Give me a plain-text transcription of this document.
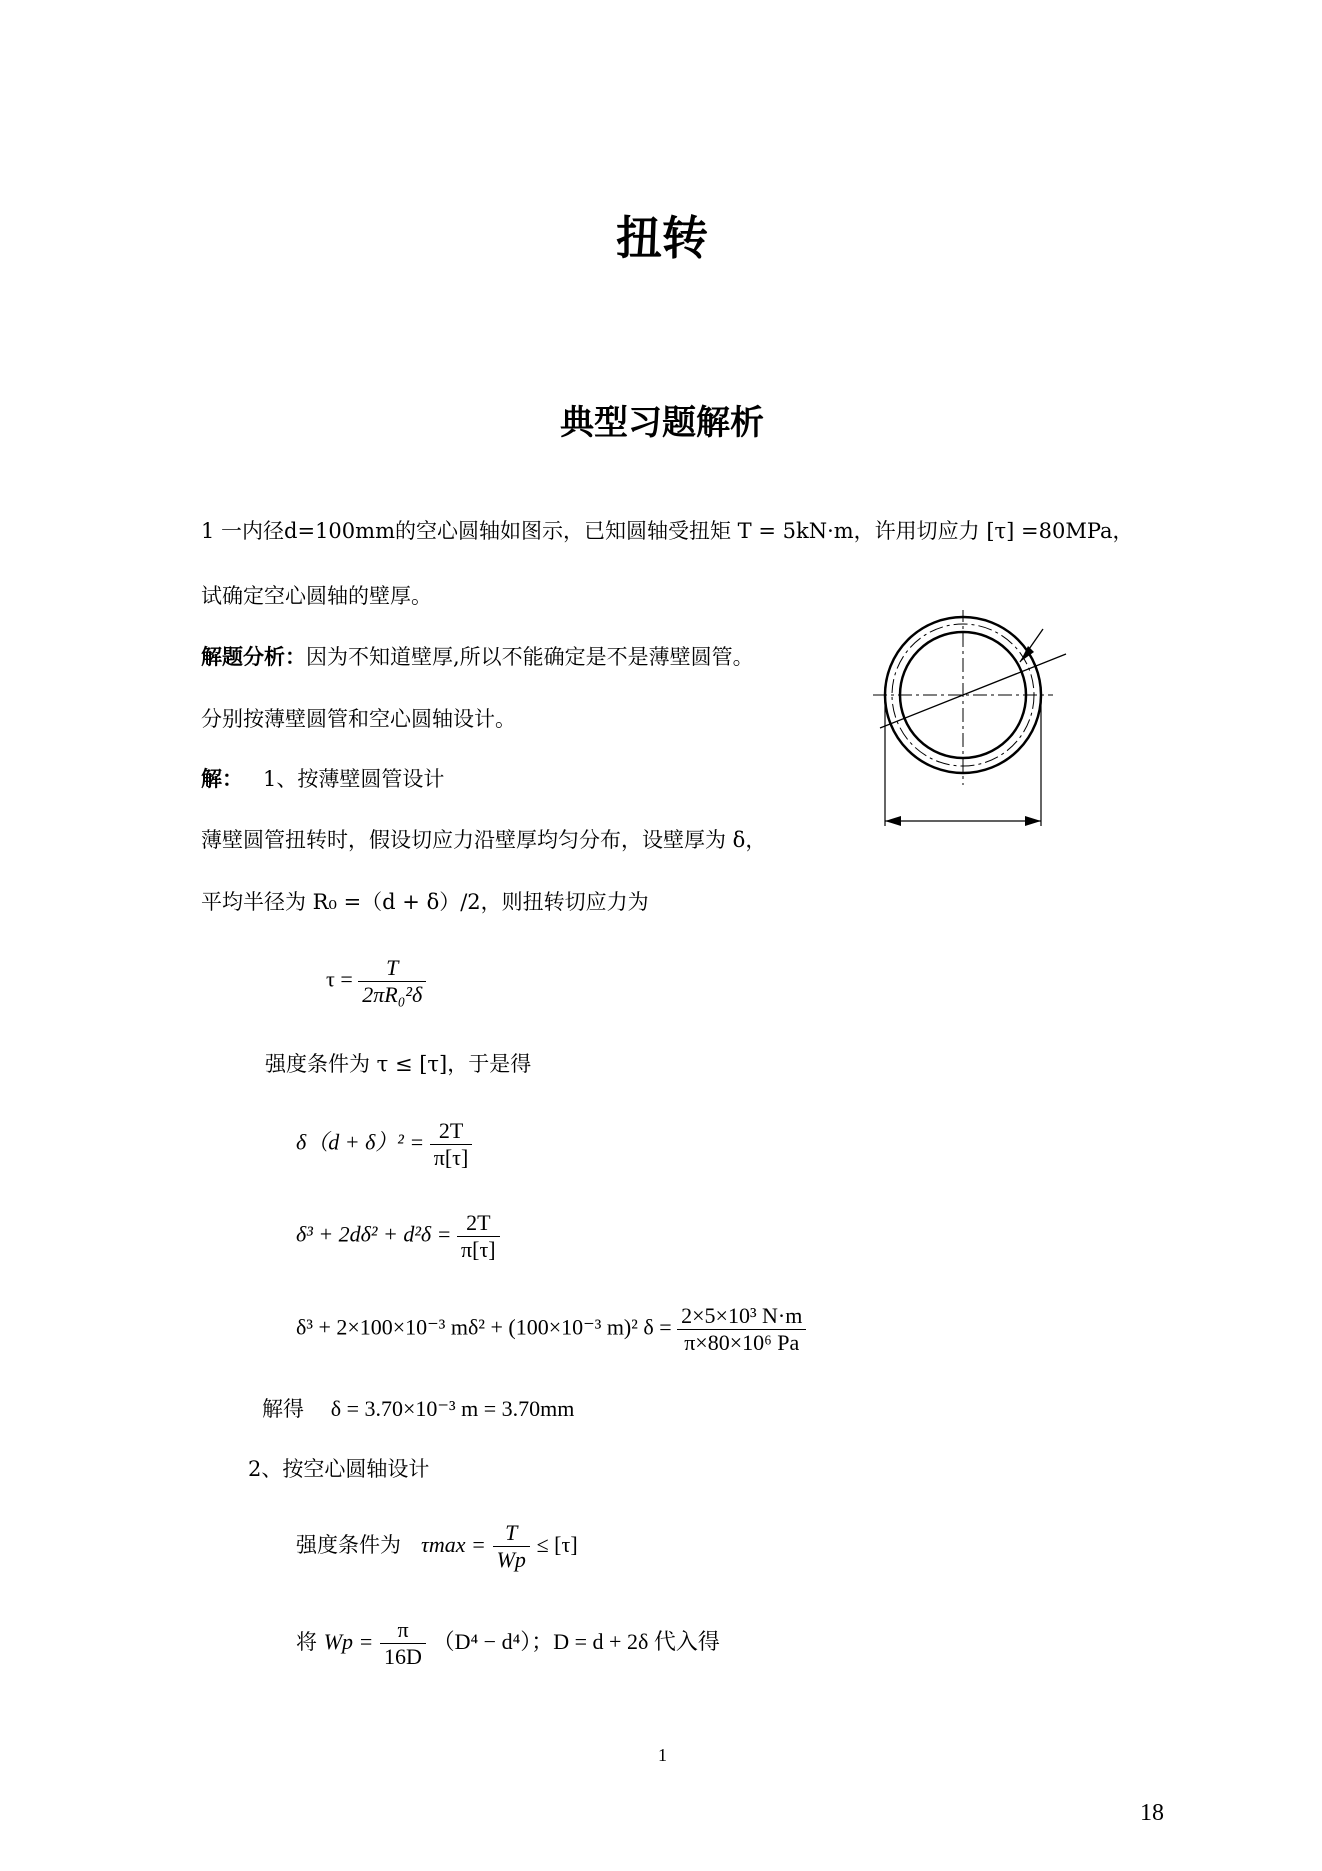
扭转
典型习题解析
1 一内径d=100mm的空心圆轴如图示，已知圆轴受扭矩 T = 5kN·m，许用切应力 [τ] =80MPa，
试确定空心圆轴的壁厚。
解题分析：因为不知道壁厚,所以不能确定是不是薄壁圆管。
分别按薄壁圆管和空心圆轴设计。
解： 1、按薄壁圆管设计
薄壁圆管扭转时，假设切应力沿壁厚均匀分布，设壁厚为 δ，
平均半径为 R₀ =（d + δ）/2，则扭转切应力为
$\tau = \frac{T}{\text{2πR₀²δ}}$
强度条件为 τ ≤ [τ]，于是得
$\delta(d + \delta)^2 = \frac{2T}{\pi[\tau]}$
$\delta^3 + 2d\delta^2 + d^2\delta = \frac{2T}{\pi[\tau]}$
δ³ + 2×100×10⁻³ mδ² + (100×10⁻³ m)² $\delta = \frac{\text{2×5×10³ N·m}}{\text{π×80×10⁶ Pa}}$
解得 δ = 3.70×10⁻³ m = 3.70mm
2、按空心圆轴设计
强度条件为 $\tau\max = \frac{T}{Wp} \le [\tau]$
将 $Wp = \frac{\pi}{16D} (D^4 - d^4)$；D = d + 2δ 代入得
1
18
